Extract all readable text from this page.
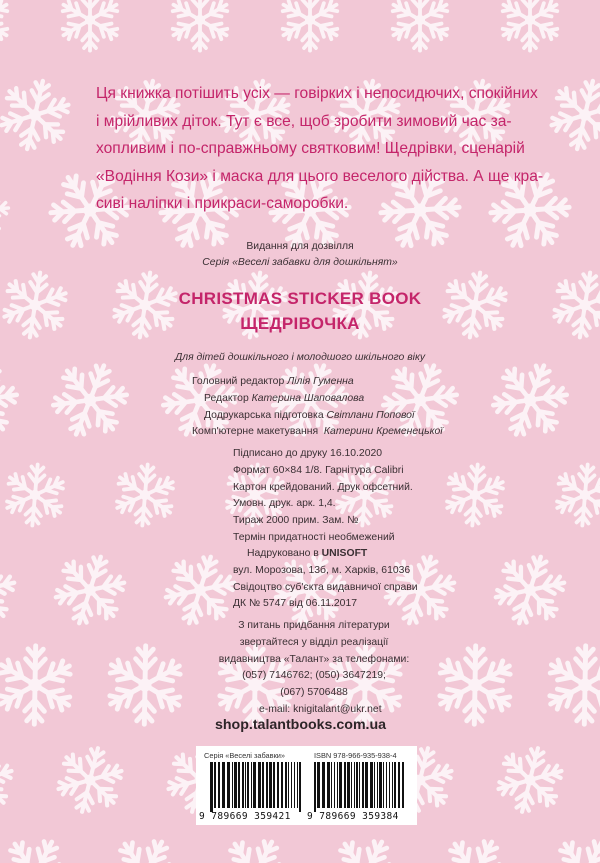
Ця книжка потішить усіх — говірких і непосидючих, спокійних
і мрійливих діток. Тут є все, щоб зробити зимовий час за-
хопливим і по-справжньому святковим! Щедрівки, сценарій
«Водіння Кози» і маска для цього веселого дійства. А ще кра-
сиві наліпки і прикраси-саморобки.
Видання для дозвілля
Серія «Веселі забавки для дошкільнят»
CHRISTMAS STICKER BOOK
ЩЕДРІВОЧКА
Для дітей дошкільного і молодшого шкільного віку
Головний редактор Лілія Гуменна
Редактор Катерина Шаповалова
Додрукарська підготовка Світлани Попової
Комп'ютерне макетування Катерини Кременецької
Підписано до друку 16.10.2020
Формат 60×84 1/8. Гарнітура Calibri
Картон крейдований. Друк офсетний.
Умовн. друк. арк. 1,4.
Тираж 2000 прим. Зам. №
Термін придатності необмежений
Надруковано в UNISOFT
вул. Морозова, 13б, м. Харків, 61036
Свідоцтво суб'єкта видавничої справи
ДК № 5747 від 06.11.2017
З питань придбання літератури
звертайтеся у відділ реалізації
видавництва «Талант» за телефонами:
(057) 7146762; (050) 3647219;
(067) 5706488
e-mail: knigitalant@ukr.net
shop.talantbooks.com.ua
Серія «Веселі забавки»	ISBN 978-966-935-938-4
9 789669 359421 9 789669 359384
